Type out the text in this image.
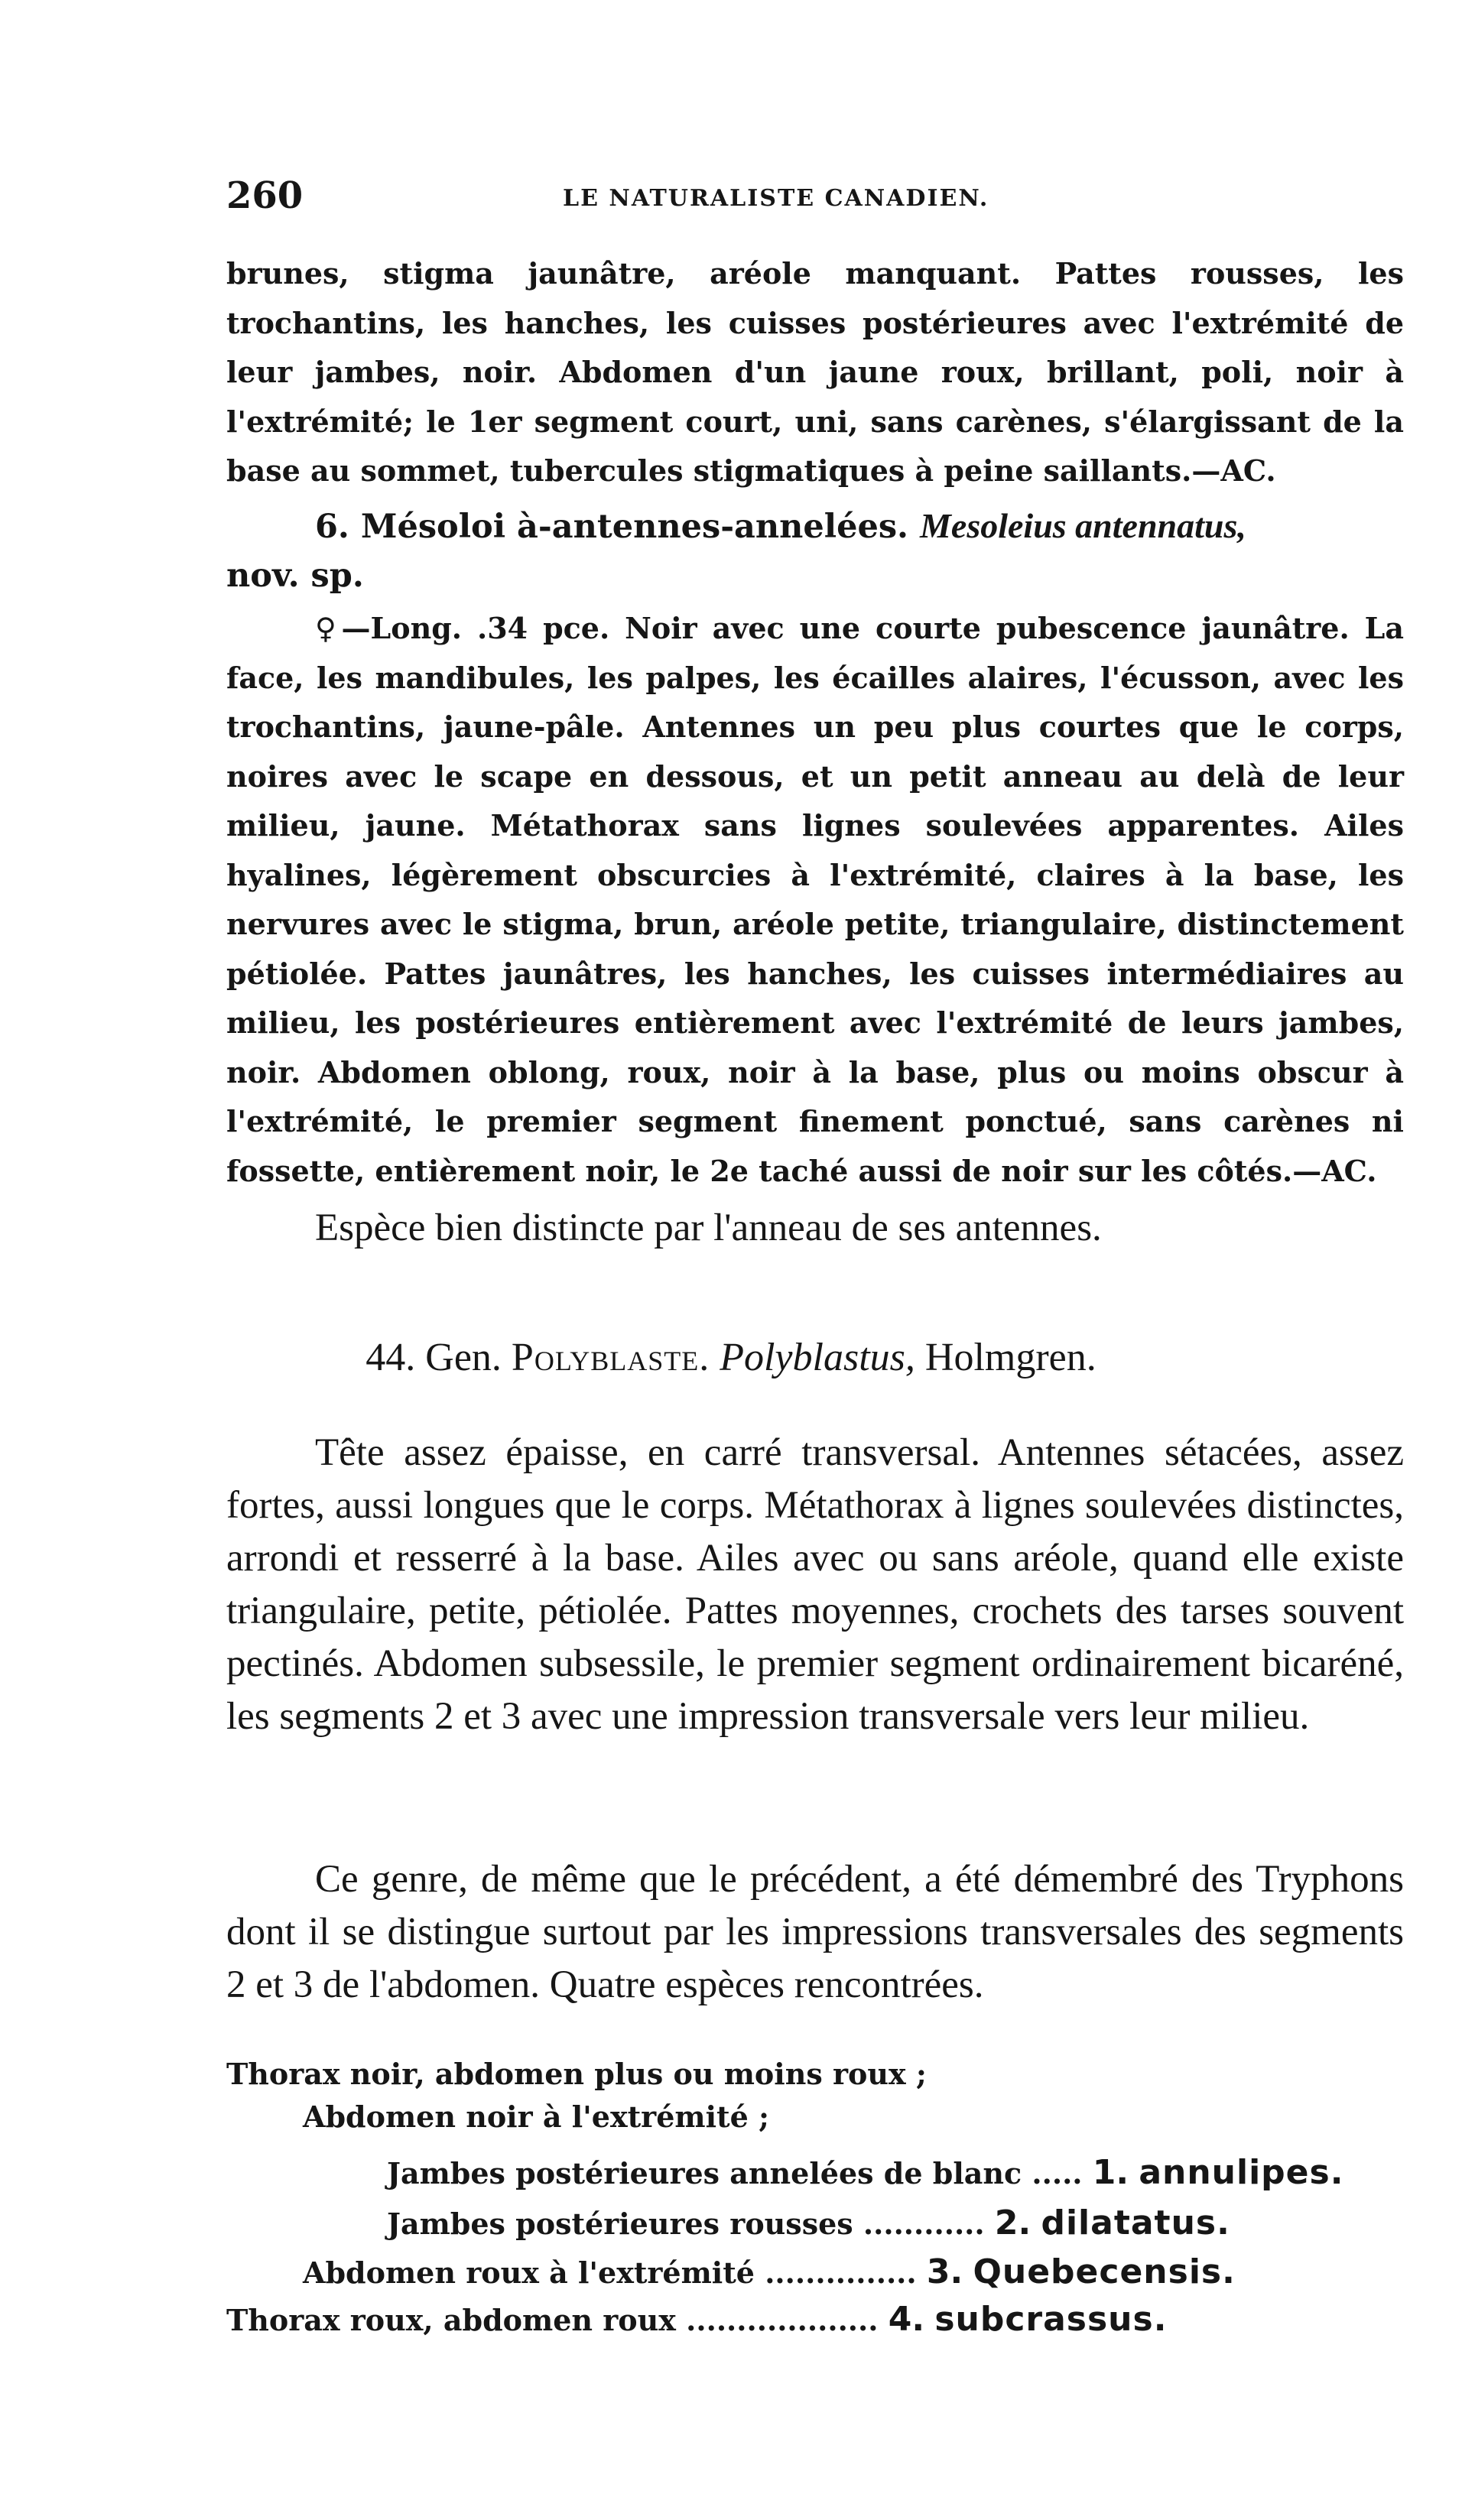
260	LE NATURALISTE CANADIEN.

brunes, stigma jaunâtre, aréole manquant. Pattes rousses, les trochantins, les hanches, les cuisses postérieures avec l'extrémité de leur jambes, noir. Abdomen d'un jaune roux, brillant, poli, noir à l'extrémité; le 1er segment court, uni, sans carènes, s'élargissant de la base au sommet, tubercules stigmatiques à peine saillants.—AC.

6. Mésoloi à-antennes-annelées. Mesoleius antennatus,
nov. sp.

♀—Long. .34 pce. Noir avec une courte pubescence jaunâtre. La face, les mandibules, les palpes, les écailles alaires, l'écusson, avec les trochantins, jaune-pâle. Antennes un peu plus courtes que le corps, noires avec le scape en dessous, et un petit anneau au delà de leur milieu, jaune. Métathorax sans lignes soulevées apparentes. Ailes hyalines, légèrement obscurcies à l'extrémité, claires à la base, les nervures avec le stigma, brun, aréole petite, triangulaire, distinctement pétiolée. Pattes jaunâtres, les hanches, les cuisses intermédiaires au milieu, les postérieures entièrement avec l'extrémité de leurs jambes, noir. Abdomen oblong, roux, noir à la base, plus ou moins obscur à l'extrémité, le premier segment finement ponctué, sans carènes ni fossette, entièrement noir, le 2e taché aussi de noir sur les côtés.—AC.

Espèce bien distincte par l'anneau de ses antennes.

44. Gen. Polyblaste. Polyblastus, Holmgren.

Tête assez épaisse, en carré transversal. Antennes sétacées, assez fortes, aussi longues que le corps. Métathorax à lignes soulevées distinctes, arrondi et resserré à la base. Ailes avec ou sans aréole, quand elle existe triangulaire, petite, pétiolée. Pattes moyennes, crochets des tarses souvent pectinés. Abdomen subsessile, le premier segment ordinairement bicaréné, les segments 2 et 3 avec une impression transversale vers leur milieu.

Ce genre, de même que le précédent, a été démembré des Tryphons dont il se distingue surtout par les impressions transversales des segments 2 et 3 de l'abdomen. Quatre espèces rencontrées.

Thorax noir, abdomen plus ou moins roux ;
Abdomen noir à l'extrémité ;
Jambes postérieures annelées de blanc ..... 1. annulipes.
Jambes postérieures rousses ............ 2. dilatatus.
Abdomen roux à l'extrémité ............... 3. Quebecensis.
Thorax roux, abdomen roux ................... 4. subcrassus.
